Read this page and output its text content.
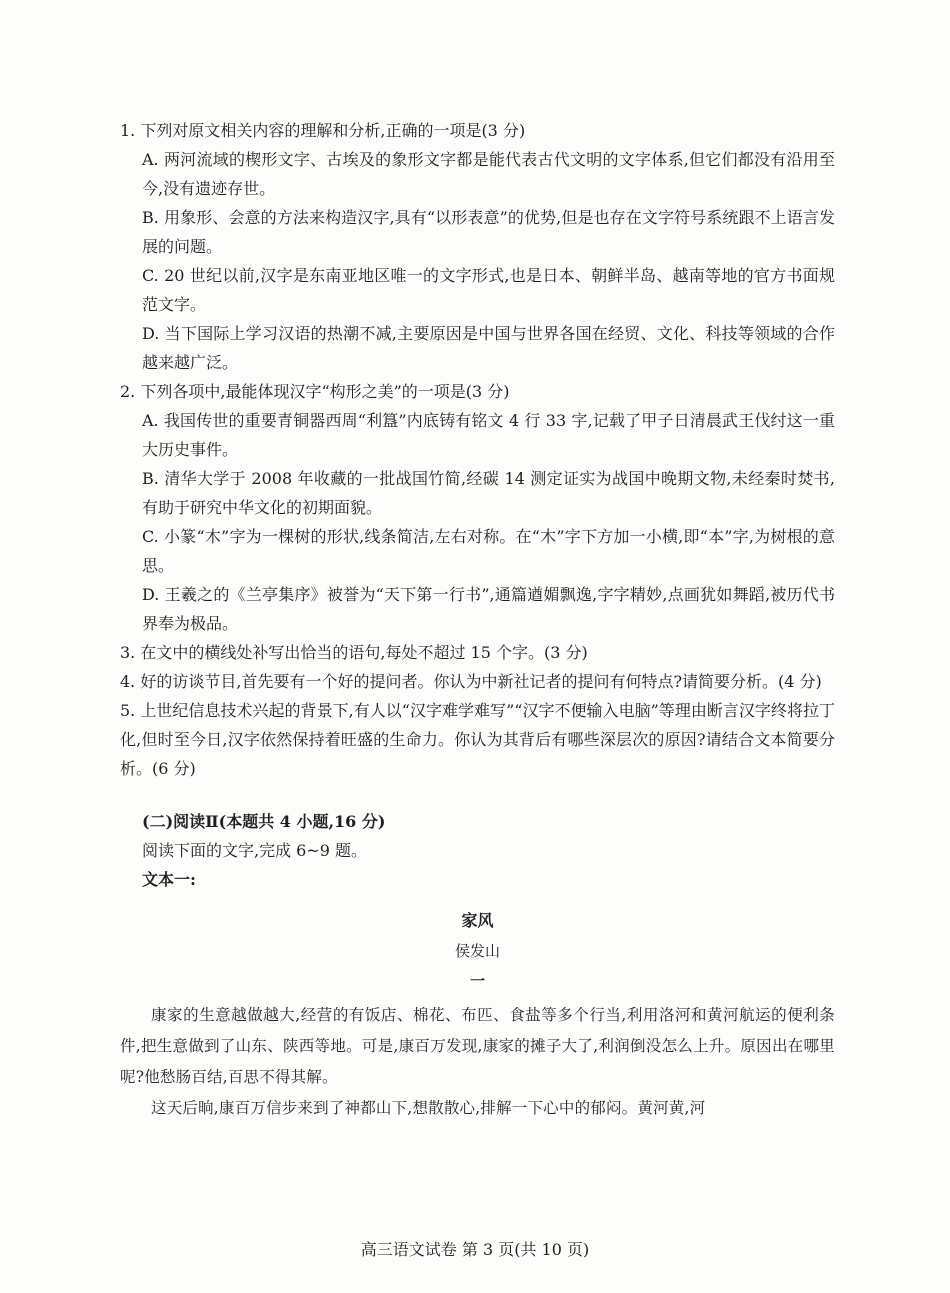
1. 下列对原文相关内容的理解和分析,正确的一项是(3 分)

A. 两河流域的楔形文字、古埃及的象形文字都是能代表古代文明的文字体系,但它们都没有沿用至今,没有遗迹存世。

B. 用象形、会意的方法来构造汉字,具有“以形表意”的优势,但是也存在文字符号系统跟不上语言发展的问题。

C. 20 世纪以前,汉字是东南亚地区唯一的文字形式,也是日本、朝鲜半岛、越南等地的官方书面规范文字。

D. 当下国际上学习汉语的热潮不减,主要原因是中国与世界各国在经贸、文化、科技等领域的合作越来越广泛。

2. 下列各项中,最能体现汉字“构形之美”的一项是(3 分)

A. 我国传世的重要青铜器西周“利簋”内底铸有铭文 4 行 33 字,记载了甲子日清晨武王伐纣这一重大历史事件。

B. 清华大学于 2008 年收藏的一批战国竹简,经碳 14 测定证实为战国中晚期文物,未经秦时焚书,有助于研究中华文化的初期面貌。

C. 小篆“木”字为一棵树的形状,线条简洁,左右对称。在“木”字下方加一小横,即“本”字,为树根的意思。

D. 王羲之的《兰亭集序》被誉为“天下第一行书”,通篇遒媚飘逸,字字精妙,点画犹如舞蹈,被历代书界奉为极品。

3. 在文中的横线处补写出恰当的语句,每处不超过 15 个字。(3 分)

4. 好的访谈节目,首先要有一个好的提问者。你认为中新社记者的提问有何特点?请简要分析。(4 分)

5. 上世纪信息技术兴起的背景下,有人以“汉字难学难写”“汉字不便输入电脑”等理由断言汉字终将拉丁化,但时至今日,汉字依然保持着旺盛的生命力。你认为其背后有哪些深层次的原因?请结合文本简要分析。(6 分)

(二)阅读Ⅱ(本题共 4 小题,16 分)

阅读下面的文字,完成 6~9 题。

文本一:

家风

侯发山

一

康家的生意越做越大,经营的有饭店、棉花、布匹、食盐等多个行当,利用洛河和黄河航运的便利条件,把生意做到了山东、陕西等地。可是,康百万发现,康家的摊子大了,利润倒没怎么上升。原因出在哪里呢?他愁肠百结,百思不得其解。

这天后晌,康百万信步来到了神都山下,想散散心,排解一下心中的郁闷。黄河黄,河

高三语文试卷 第 3 页(共 10 页)
